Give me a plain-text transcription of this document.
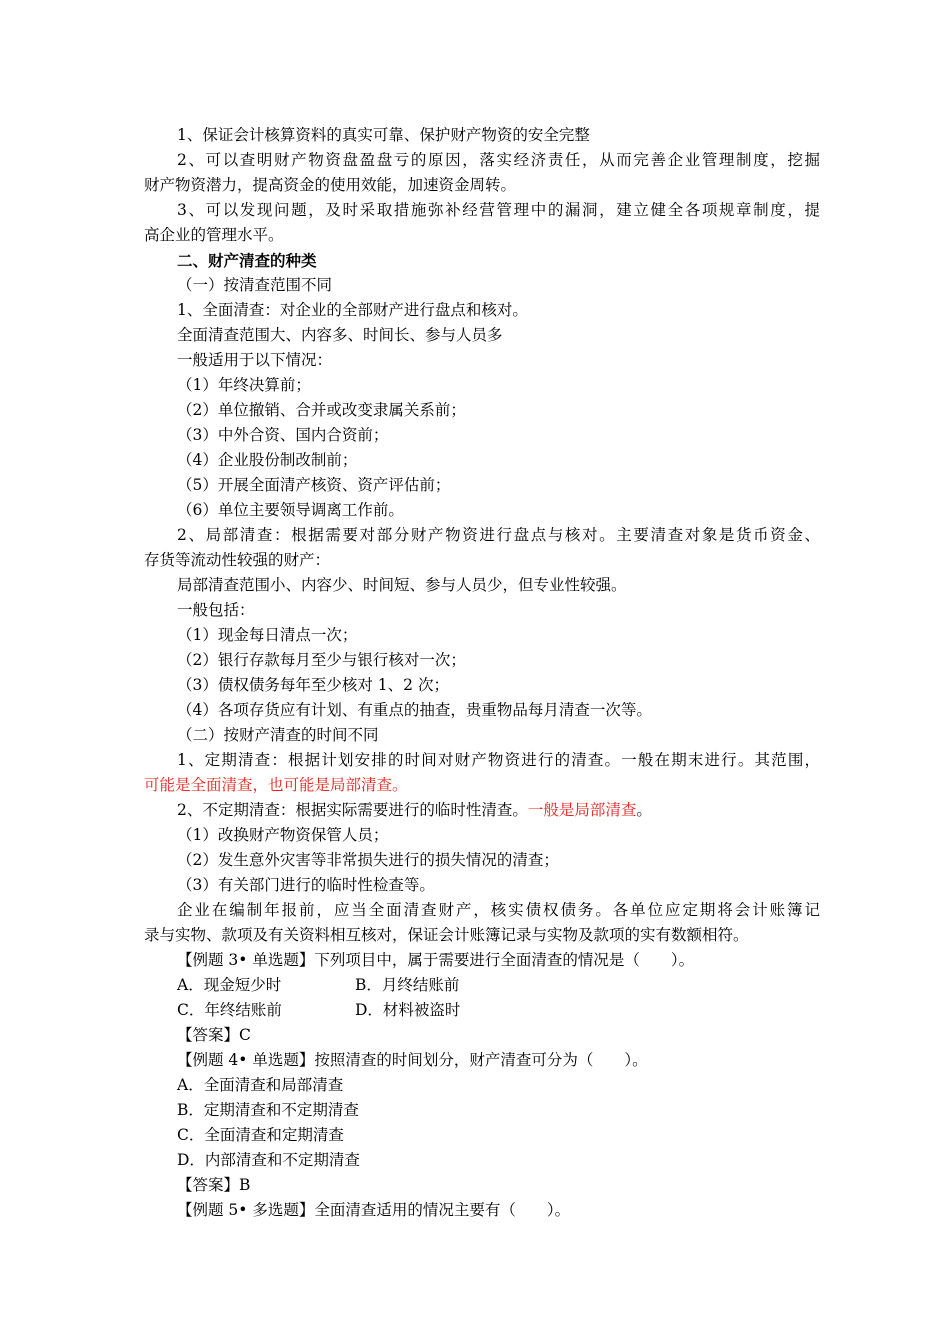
1、保证会计核算资料的真实可靠、保护财产物资的安全完整
2、可以查明财产物资盘盈盘亏的原因，落实经济责任，从而完善企业管理制度，挖掘
财产物资潜力，提高资金的使用效能，加速资金周转。
3、可以发现问题，及时采取措施弥补经营管理中的漏洞，建立健全各项规章制度，提
高企业的管理水平。
二、财产清查的种类
（一）按清查范围不同
1、全面清查：对企业的全部财产进行盘点和核对。
全面清查范围大、内容多、时间长、参与人员多
一般适用于以下情况：
（1）年终决算前；
（2）单位撤销、合并或改变隶属关系前；
（3）中外合资、国内合资前；
（4）企业股份制改制前；
（5）开展全面清产核资、资产评估前；
（6）单位主要领导调离工作前。
2、局部清查：根据需要对部分财产物资进行盘点与核对。主要清查对象是货币资金、
存货等流动性较强的财产：
局部清查范围小、内容少、时间短、参与人员少，但专业性较强。
一般包括：
（1）现金每日清点一次；
（2）银行存款每月至少与银行核对一次；
（3）债权债务每年至少核对 1、2 次；
（4）各项存货应有计划、有重点的抽查，贵重物品每月清查一次等。
（二）按财产清查的时间不同
1、定期清查：根据计划安排的时间对财产物资进行的清查。一般在期末进行。其范围，
可能是全面清查，也可能是局部清查。
2、不定期清查：根据实际需要进行的临时性清查。一般是局部清查。
（1）改换财产物资保管人员；
（2）发生意外灾害等非常损失进行的损失情况的清查；
（3）有关部门进行的临时性检查等。
企业在编制年报前，应当全面清查财产，核实债权债务。各单位应定期将会计账簿记
录与实物、款项及有关资料相互核对，保证会计账簿记录与实物及款项的实有数额相符。
【例题 3• 单选题】下列项目中，属于需要进行全面清查的情况是（　　）。
A．现金短少时	B．月终结账前
C．年终结账前	D．材料被盗时
【答案】C
【例题 4• 单选题】按照清查的时间划分，财产清查可分为（　　）。
A．全面清查和局部清查
B．定期清查和不定期清查
C．全面清查和定期清查
D．内部清查和不定期清查
【答案】B
【例题 5• 多选题】全面清查适用的情况主要有（　　）。
